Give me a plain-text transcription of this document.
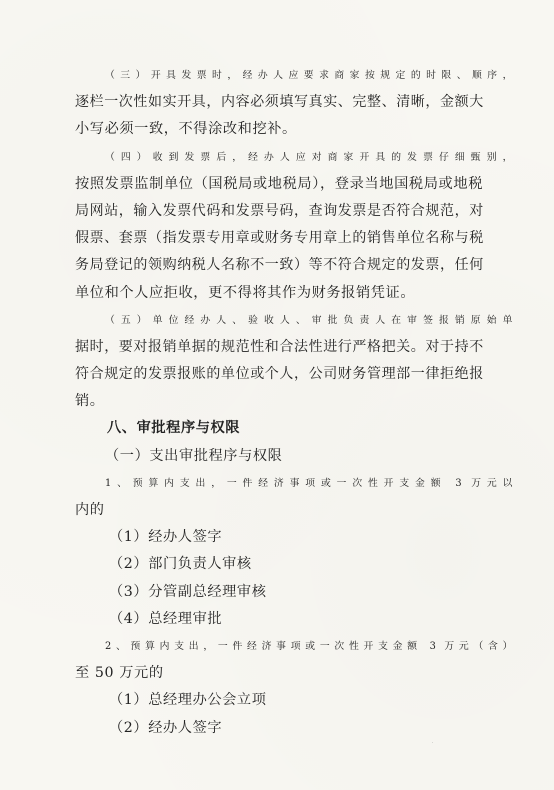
（三）开具发票时，经办人应要求商家按规定的时限、顺序，
逐栏一次性如实开具，内容必须填写真实、完整、清晰，金额大
小写必须一致，不得涂改和挖补。
（四）收到发票后，经办人应对商家开具的发票仔细甄别，
按照发票监制单位（国税局或地税局），登录当地国税局或地税
局网站，输入发票代码和发票号码，查询发票是否符合规范，对
假票、套票（指发票专用章或财务专用章上的销售单位名称与税
务局登记的领购纳税人名称不一致）等不符合规定的发票，任何
单位和个人应拒收，更不得将其作为财务报销凭证。
（五）单位经办人、验收人、审批负责人在审签报销原始单
据时，要对报销单据的规范性和合法性进行严格把关。对于持不
符合规定的发票报账的单位或个人，公司财务管理部一律拒绝报
销。
八、审批程序与权限
（一）支出审批程序与权限
1、预算内支出，一件经济事项或一次性开支金额 3 万元以
内的
（1）经办人签字
（2）部门负责人审核
（3）分管副总经理审核
（4）总经理审批
2、预算内支出，一件经济事项或一次性开支金额 3 万元（含）
至 50 万元的
（1）总经理办公会立项
（2）经办人签字
